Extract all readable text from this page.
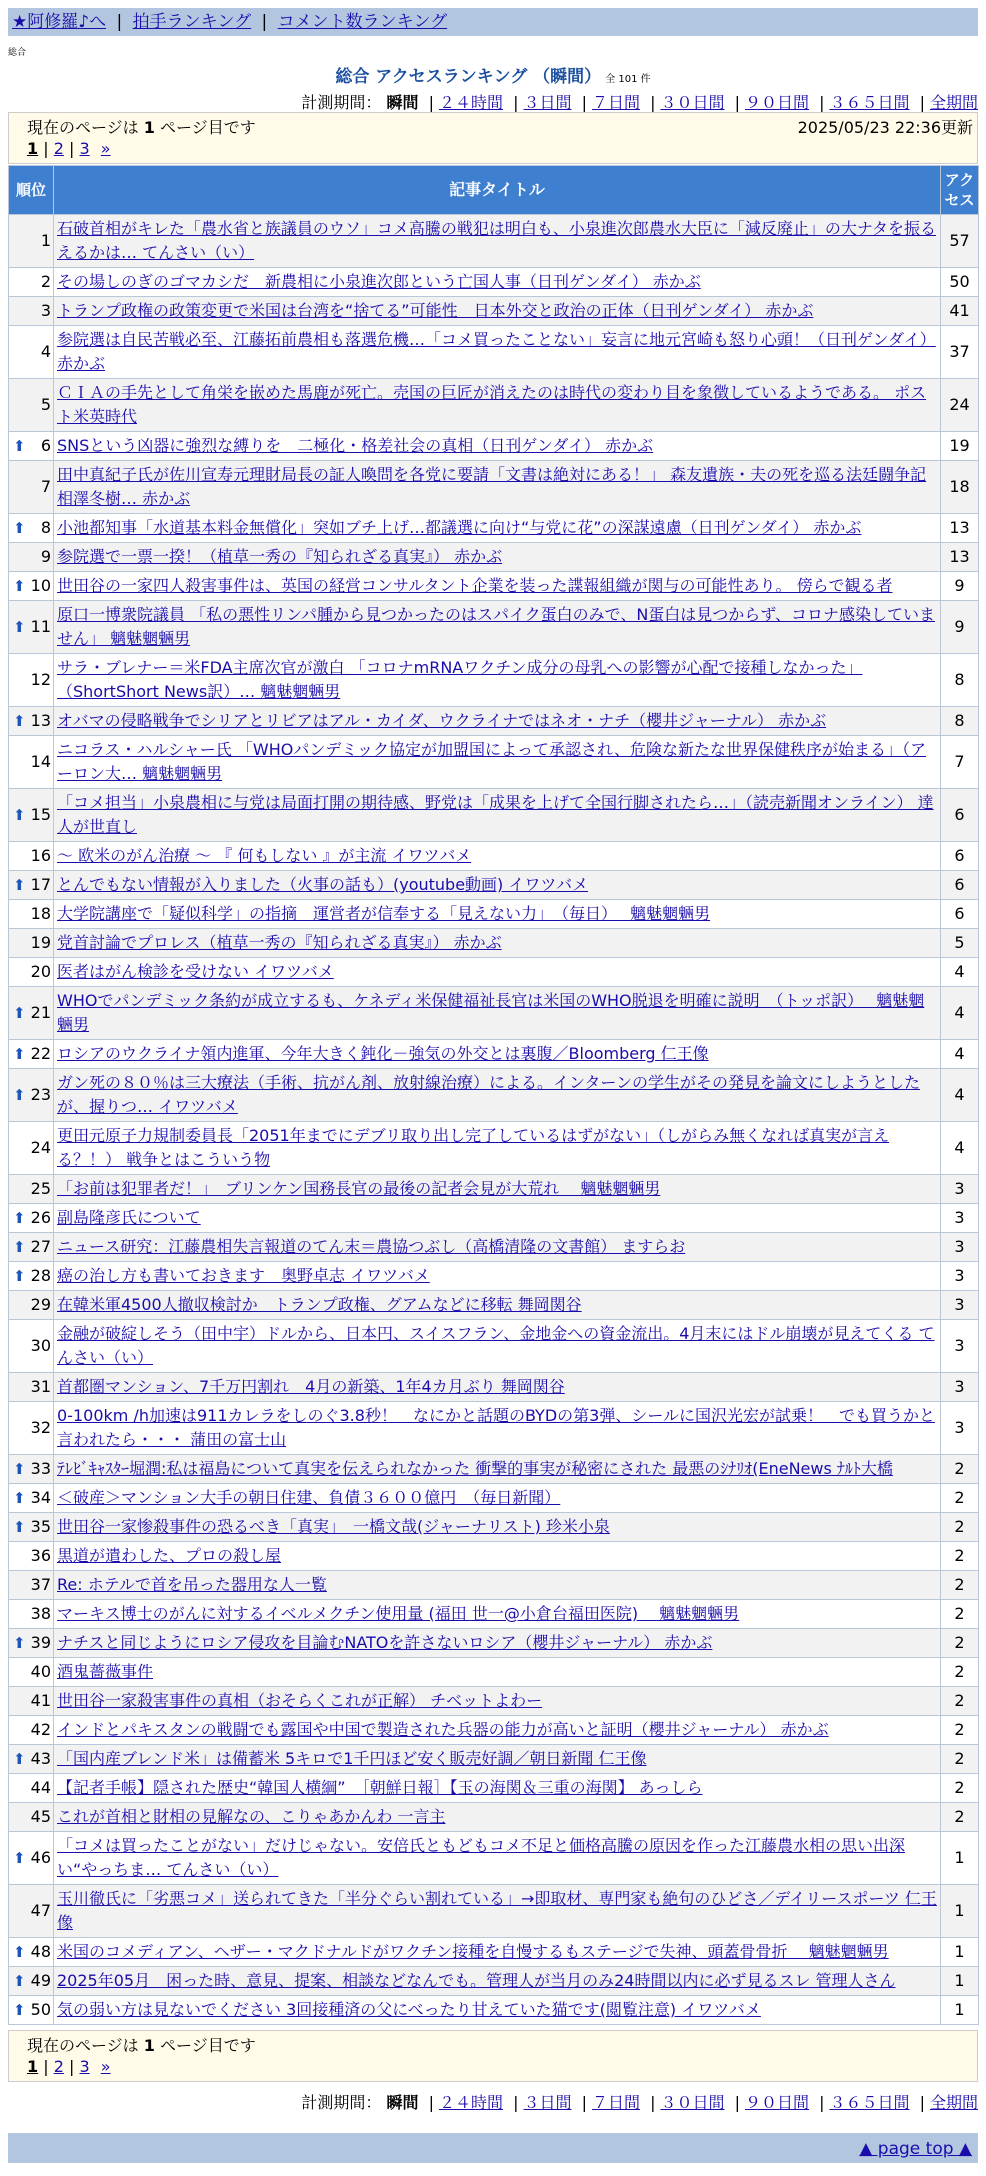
★阿修羅♪へ | 拍手ランキング | コメント数ランキング
総合
総合 アクセスランキング （瞬間） 全 101 件
計測期間： 瞬間 | ２４時間 | ３日間 | ７日間 | ３０日間 | ９０日間 | ３６５日間 | 全期間
現在のページは 1 ページ目です	2025/05/23 22:36更新
1 | 2 | 3 »
順位	記事タイトル	アクセス
1	石破首相がキレた「農水省と族議員のウソ」コメ高騰の戦犯は明白も、小泉進次郎農水大臣に「減反廃止」の大ナタを振るえるかは… てんさい（い）	57
2	その場しのぎのゴマカシだ　新農相に小泉進次郎という亡国人事（日刊ゲンダイ） 赤かぶ	50
3	トランプ政権の政策変更で米国は台湾を“捨てる”可能性　日本外交と政治の正体（日刊ゲンダイ） 赤かぶ	41
4	参院選は自民苦戦必至、江藤拓前農相も落選危機…「コメ買ったことない」妄言に地元宮崎も怒り心頭！（日刊ゲンダイ） 赤かぶ	37
5	ＣＩＡの手先として角栄を嵌めた馬鹿が死亡。売国の巨匠が消えたのは時代の変わり目を象徴しているようである。 ポスト米英時代	24

⬆ 6	SNSという凶器に強烈な縛りを　二極化・格差社会の真相（日刊ゲンダイ） 赤かぶ	19
7	田中真紀子氏が佐川宣寿元理財局長の証人喚問を各党に要請「文書は絶対にある！」 森友遺族・夫の死を巡る法廷闘争記 相澤冬樹… 赤かぶ	18

⬆ 8	小池都知事「水道基本料金無償化」突如ブチ上げ…都議選に向け“与党に花”の深謀遠慮（日刊ゲンダイ） 赤かぶ	13
9	参院選で一票一揆！（植草一秀の『知られざる真実』） 赤かぶ	13

⬆ 10	世田谷の一家四人殺害事件は、英国の経営コンサルタント企業を装った諜報組織が関与の可能性あり。 傍らで観る者	9

⬆ 11	原口一博衆院議員 「私の悪性リンパ腫から見つかったのはスパイク蛋白のみで、N蛋白は見つからず、コロナ感染していません」 魑魅魍魎男	9
12	サラ・ブレナー＝米FDA主席次官が激白 「コロナmRNAワクチン成分の母乳への影響が心配で接種しなかった」（ShortShort News訳）… 魑魅魍魎男	8

⬆ 13	オバマの侵略戦争でシリアとリビアはアル・カイダ、ウクライナではネオ・ナチ（櫻井ジャーナル） 赤かぶ	8
14	ニコラス・ハルシャー氏 「WHOパンデミック協定が加盟国によって承認され、危険な新たな世界保健秩序が始まる」（アーロン大… 魑魅魍魎男	7

⬆ 15	「コメ担当」小泉農相に与党は局面打開の期待感、野党は「成果を上げて全国行脚されたら…」（読売新聞オンライン） 達人が世直し	6
16	～ 欧米のがん治療 ～ 『 何もしない 』が主流 イワツバメ	6

⬆ 17	とんでもない情報が入りました（火事の話も）(youtube動画) イワツバメ	6
18	大学院講座で「疑似科学」の指摘　運営者が信奉する「見えない力」　（毎日）　 魑魅魍魎男	6
19	党首討論でプロレス（植草一秀の『知られざる真実』） 赤かぶ	5
20	医者はがん検診を受けない イワツバメ	4

⬆ 21	WHOでパンデミック条約が成立するも、ケネディ米保健福祉長官は米国のWHO脱退を明確に説明　（トッポ訳）　 魑魅魍魎男	4

⬆ 22	ロシアのウクライナ領内進軍、今年大きく鈍化－強気の外交とは裏腹／Bloomberg 仁王像	4

⬆ 23	ガン死の８０％は三大療法（手術、抗がん剤、放射線治療）による。インターンの学生がその発見を論文にしようとしたが、握りつ… イワツバメ	4
24	更田元原子力規制委員長「2051年までにデブリ取り出し完了しているはずがない」（しがらみ無くなれば真実が言える？！） 戦争とはこういう物	4
25	「お前は犯罪者だ！」　ブリンケン国務長官の最後の記者会見が大荒れ　 魑魅魍魎男	3

⬆ 26	副島隆彦氏について	3

⬆ 27	ニュース研究：江藤農相失言報道のてん末＝農協つぶし（高橋清隆の文書館） ますらお	3

⬆ 28	癌の治し方も書いておきます　奥野卓志 イワツバメ	3
29	在韓米軍4500人撤収検討か　トランプ政権、グアムなどに移転 舞岡関谷	3
30	金融が破綻しそう（田中宇）ドルから、日本円、スイスフラン、金地金への資金流出。4月末にはドル崩壊が見えてくる てんさい（い）	3
31	首都圏マンション、7千万円割れ　4月の新築、1年4カ月ぶり 舞岡関谷	3
32	0-100km /h加速は911カレラをしのぐ3.8秒！　なにかと話題のBYDの第3弾、シールに国沢光宏が試乗！　でも買うかと言われたら・・・ 蒲田の富士山	3

⬆ 33	ﾃﾚﾋﾞｷｬｽﾀｰ堀潤:私は福島について真実を伝えられなかった 衝撃的事実が秘密にされた 最悪のｼﾅﾘｵ(EneNews ﾅﾙﾄ大橋	2

⬆ 34	＜破産＞マンション大手の朝日住建、負債３６００億円　（毎日新聞）	2

⬆ 35	世田谷一家惨殺事件の恐るべき「真実」　一橋文哉(ジャーナリスト) 珍米小泉	2
36	黒道が遣わした、プロの殺し屋	2
37	Re: ホテルで首を吊った器用な人一覧	2
38	マーキス博士のがんに対するイベルメクチン使用量 (福田 世一@小倉台福田医院)　 魑魅魍魎男	2

⬆ 39	ナチスと同じようにロシア侵攻を目論むNATOを許さないロシア（櫻井ジャーナル） 赤かぶ	2
40	酒鬼薔薇事件	2
41	世田谷一家殺害事件の真相（おそらくこれが正解） チベットよわー	2
42	インドとパキスタンの戦闘でも露国や中国で製造された兵器の能力が高いと証明（櫻井ジャーナル） 赤かぶ	2

⬆ 43	「国内産ブレンド米」は備蓄米 5キロで1千円ほど安く販売好調／朝日新聞 仁王像	2
44	【記者手帳】隠された歴史“韓国人横綱”　［朝鮮日報］【玉の海関＆三重の海関】 あっしら	2
45	これが首相と財相の見解なの、こりゃあかんわ 一言主	2

⬆ 46	「コメは買ったことがない」だけじゃない。安倍氏ともどもコメ不足と価格高騰の原因を作った江藤農水相の思い出深い“やっちま… てんさい（い）	1
47	玉川徹氏に「劣悪コメ」送られてきた「半分ぐらい割れている」→即取材、専門家も絶句のひどさ／デイリースポーツ 仁王像	1

⬆ 48	米国のコメディアン、ヘザー・マクドナルドがワクチン接種を自慢するもステージで失神、頭蓋骨骨折　 魑魅魍魎男	1

⬆ 49	2025年05月　困った時、意見、提案、相談などなんでも。管理人が当月のみ24時間以内に必ず見るスレ 管理人さん	1

⬆ 50	気の弱い方は見ないでください 3回接種済の父にべったり甘えていた猫です(閲覧注意) イワツバメ	1
現在のページは 1 ページ目です
1 | 2 | 3 »
計測期間： 瞬間 | ２４時間 | ３日間 | ７日間 | ３０日間 | ９０日間 | ３６５日間 | 全期間
▲ page top ▲
